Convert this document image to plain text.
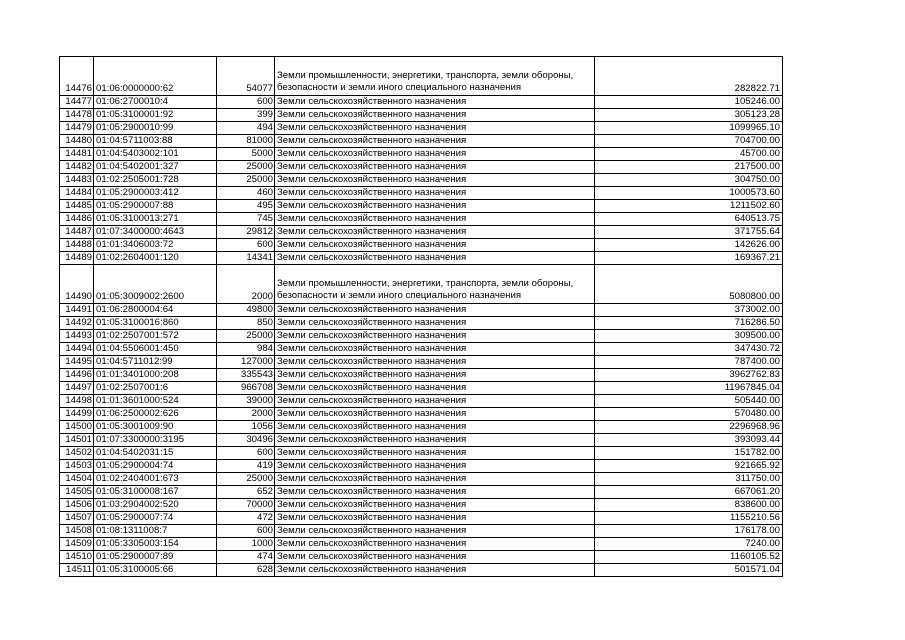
14476	01:06:0000000:62	54077	Земли промышленности, энергетики, транспорта, земли обороны, безопасности и земли иного специального назначения	282822.71
14477	01:06:2700010:4	600	Земли сельскохозяйственного назначения	105246.00
14478	01:05:3100001:92	399	Земли сельскохозяйственного назначения	305123.28
14479	01:05:2900010:99	494	Земли сельскохозяйственного назначения	1099965.10
14480	01:04:5711003:88	81000	Земли сельскохозяйственного назначения	704700.00
14481	01:04:5403002:101	5000	Земли сельскохозяйственного назначения	45700.00
14482	01:04:5402001:327	25000	Земли сельскохозяйственного назначения	217500.00
14483	01:02:2505001:728	25000	Земли сельскохозяйственного назначения	304750.00
14484	01:05:2900003:412	460	Земли сельскохозяйственного назначения	1000573.60
14485	01:05:2900007:88	495	Земли сельскохозяйственного назначения	1211502.60
14486	01:05:3100013:271	745	Земли сельскохозяйственного назначения	640513.75
14487	01:07:3400000:4643	29812	Земли сельскохозяйственного назначения	371755.64
14488	01:01:3406003:72	600	Земли сельскохозяйственного назначения	142626.00
14489	01:02:2604001:120	14341	Земли сельскохозяйственного назначения	169367.21
14490	01:05:3009002:2600	2000	Земли промышленности, энергетики, транспорта, земли обороны, безопасности и земли иного специального назначения	5080800.00
14491	01:06:2800004:64	49800	Земли сельскохозяйственного назначения	373002.00
14492	01:05:3100016:860	850	Земли сельскохозяйственного назначения	716286.50
14493	01:02:2507001:572	25000	Земли сельскохозяйственного назначения	309500.00
14494	01:04:5506001:450	984	Земли сельскохозяйственного назначения	347430.72
14495	01:04:5711012:99	127000	Земли сельскохозяйственного назначения	787400.00
14496	01:01:3401000:208	335543	Земли сельскохозяйственного назначения	3962762.83
14497	01:02:2507001:6	966708	Земли сельскохозяйственного назначения	11967845.04
14498	01:01:3601000:524	39000	Земли сельскохозяйственного назначения	505440.00
14499	01:06:2500002:626	2000	Земли сельскохозяйственного назначения	570480.00
14500	01:05:3001009:90	1056	Земли сельскохозяйственного назначения	2296968.96
14501	01:07:3300000:3195	30496	Земли сельскохозяйственного назначения	393093.44
14502	01:04:5402031:15	600	Земли сельскохозяйственного назначения	151782.00
14503	01:05:2900004:74	419	Земли сельскохозяйственного назначения	921665.92
14504	01:02:2404001:673	25000	Земли сельскохозяйственного назначения	311750.00
14505	01:05:3100008:167	652	Земли сельскохозяйственного назначения	667061.20
14506	01:03:2904002:520	70000	Земли сельскохозяйственного назначения	838600.00
14507	01:05:2900007:74	472	Земли сельскохозяйственного назначения	1155210.56
14508	01:08:1311008:7	600	Земли сельскохозяйственного назначения	176178.00
14509	01:05:3305003:154	1000	Земли сельскохозяйственного назначения	7240.00
14510	01:05:2900007:89	474	Земли сельскохозяйственного назначения	1160105.52
14511	01:05:3100005:66	628	Земли сельскохозяйственного назначения	501571.04
